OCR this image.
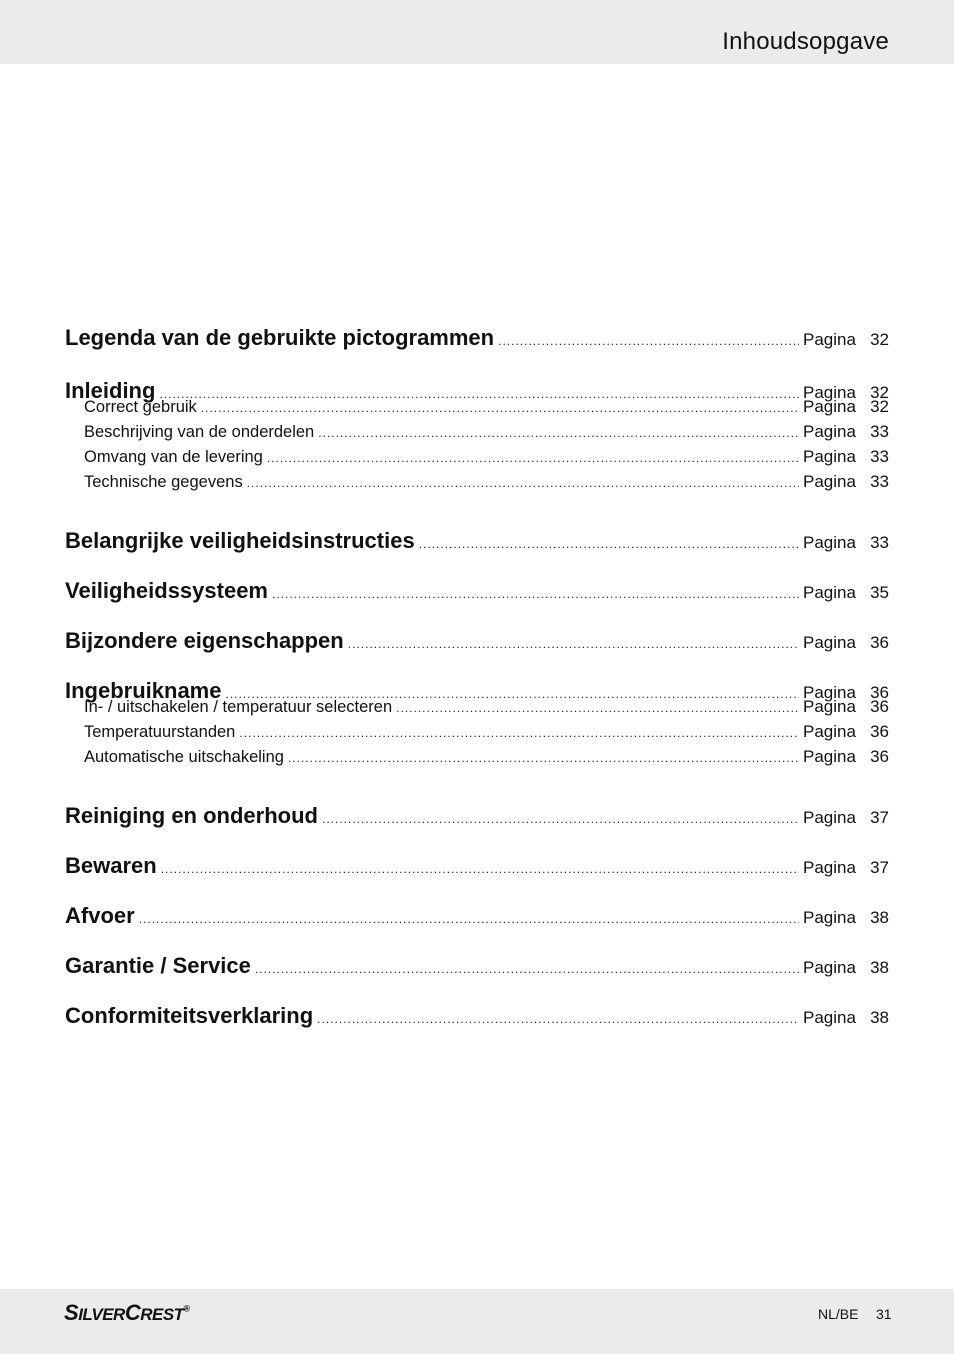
Inhoudsopgave
Legenda van de gebruikte pictogrammen .....	Pagina 32
Inleiding .....	Pagina 32
Correct gebruik .....	Pagina 32
Beschrijving van de onderdelen .....	Pagina 33
Omvang van de levering .....	Pagina 33
Technische gegevens .....	Pagina 33
Belangrijke veiligheidsinstructies .....	Pagina 33
Veiligheidssysteem .....	Pagina 35
Bijzondere eigenschappen .....	Pagina 36
Ingebruikname .....	Pagina 36
In- / uitschakelen / temperatuur selecteren .....	Pagina 36
Temperatuurstanden .....	Pagina 36
Automatische uitschakeling .....	Pagina 36
Reiniging en onderhoud .....	Pagina 37
Bewaren .....	Pagina 37
Afvoer .....	Pagina 38
Garantie / Service .....	Pagina 38
Conformiteitsverklaring .....	Pagina 38
SILVERCREST®	NL/BE 31
